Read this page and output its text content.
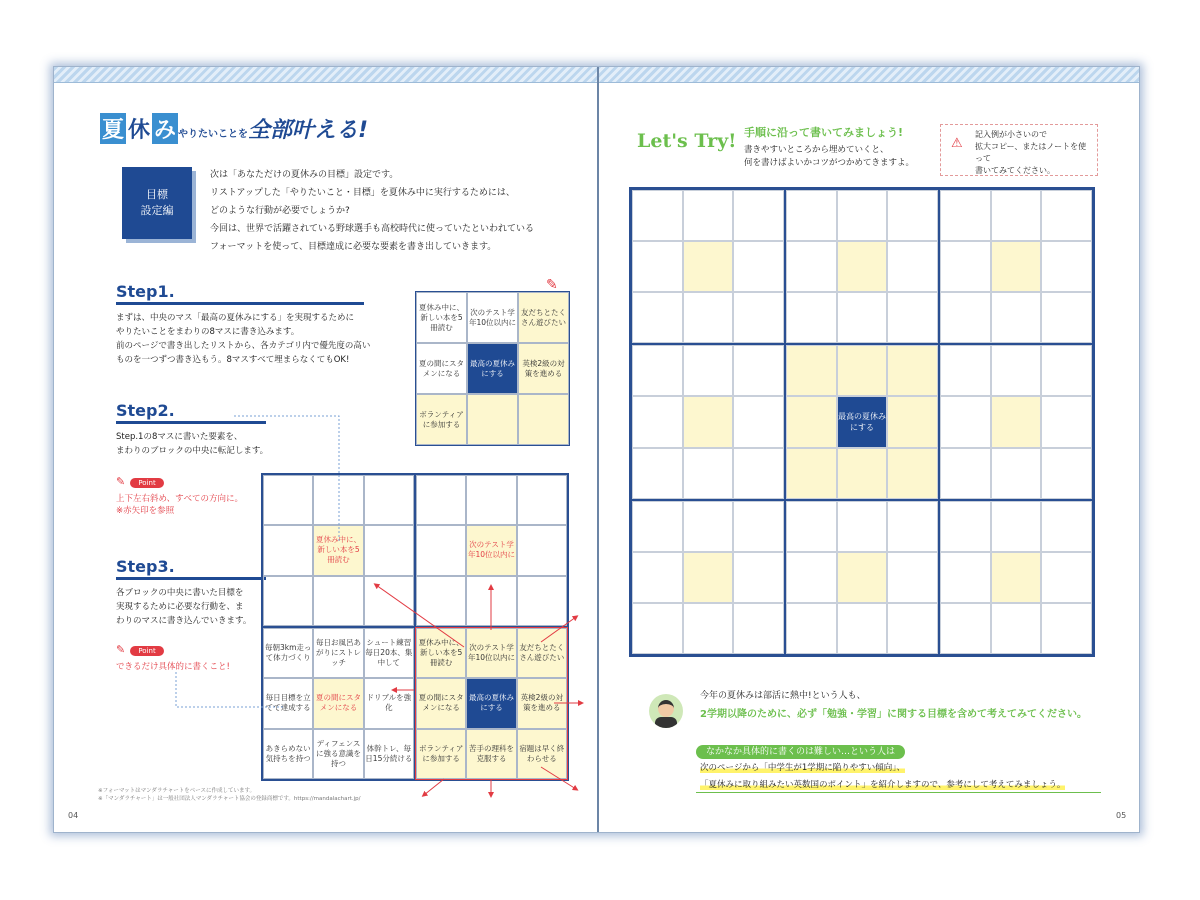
夏 休 み やりたいことを全部叶える!
目標
設定編
次は「あなただけの夏休みの目標」設定です。
リストアップした「やりたいこと・目標」を夏休み中に実行するためには、
どのような行動が必要でしょうか?
今回は、世界で活躍されている野球選手も高校時代に使っていたといわれている
フォーマットを使って、目標達成に必要な要素を書き出していきます。
Step1.
まずは、中央のマス「最高の夏休みにする」を実現するために
やりたいことをまわりの8マスに書き込みます。
前のページで書き出したリストから、各カテゴリ内で優先度の高い
ものを一つずつ書き込もう。8マスすべて埋まらなくてもOK!
夏休み中に、新しい本を5冊読む
次のテスト学年10位以内に
友だちとたくさん遊びたい
夏の間にスタメンになる
最高の夏休みにする
英検2級の対策を進める
ボランティアに参加する
✎
Step2.
Step.1の8マスに書いた要素を、
まわりのブロックの中央に転記します。
✎ Point
上下左右斜め、すべての方向に。
※赤矢印を参照
Step3.
各ブロックの中央に書いた目標を
実現するために必要な行動を、ま
わりのマスに書き込んでいきます。
✎ Point
できるだけ具体的に書くこと!
夏休み中に、新しい本を5冊読む
次のテスト学年10位以内に
毎朝3km走って体力づくり
毎日お風呂あがりにストレッチ
シュート練習毎日20本、集中して
毎日目標を立てて達成する
夏の間にスタメンになる
ドリブルを強化
あきらめない気持ちを持つ
ディフェンスに強る意識を持つ
体幹トレ、毎日15分続ける
夏休み中に、新しい本を5冊読む
次のテスト学年10位以内に
友だちとたくさん遊びたい
夏の間にスタメンになる
最高の夏休みにする
英検2級の対策を進める
ボランティアに参加する
苦手の理科を克服する
宿題は早く終わらせる
※フォーマットはマンダラチャートをベースに作成しています。
※「マンダラチャート」は一般社団法人マンダラチャート協会の登録商標です。https://mandalachart.jp/
04
Let's Try! 手順に沿って書いてみましょう!
書きやすいところから埋めていくと、
何を書けばよいかコツがつかめてきますよ。
⚠
記入例が小さいので
拡大コピー、またはノートを使って
書いてみてください。
最高の夏休みにする
今年の夏休みは部活に熱中!という人も、
2学期以降のために、必ず「勉強・学習」に関する目標を含めて考えてみてください。
なかなか具体的に書くのは難しい…という人は
次のページから「中学生が1学期に陥りやすい傾向」、
「夏休みに取り組みたい英数国のポイント」を紹介しますので、参考にして考えてみましょう。
05
